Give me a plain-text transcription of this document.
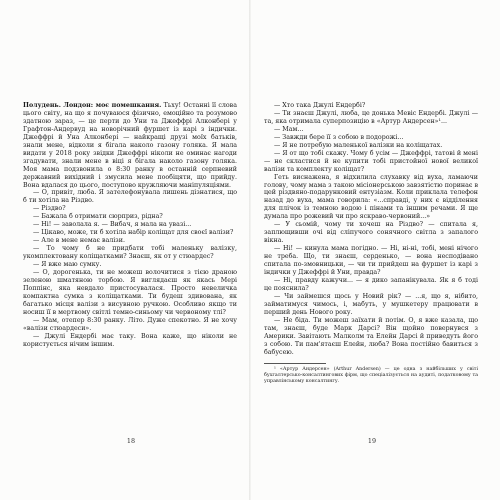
Полудень. Лондон: моє помешкання. Тьху! Останні її слова цього світу, на що я почуваюся фізично, емоційно та розумово здатною зараз, — це перти до Уни та Джеффрі Алконбері у Графтон-Андервуд на новорічний фуршет із карі з індички. Джеффрі й Уна Алконбері — найкращі друзі моїх батьків, знали мене, відколи я бігала наколо газону голяка. Я мала видати у 2018 року звідки Джеффрі ніколи не оминає нагоди згадувати, знали мене в віці я бігала наколо газону голяка. Моя мама подзвонила о 8:30 ранку в останній серпневий державний вихідний і змусила мене пообіцяти, що прийду. Вона вдалася до цього, поступово кружляючи маніпуляціями.

— О, привіт, люба. Я зателефонувала лишень дізнатися, що б ти хотіла на Різдво.

— Різдво?

— Бажала б отримати сюрприз, рідна?

— Ні! — заволала я. — Вибач, я мала на увазі...

— Цікаво, може, ти б хотіла набір коліщат для своєї валізи?

— Але в мене немає валізи.

— То чому б не придбати тобі маленьку валізку, укомплектовану коліщатками? Знаєш, як от у стюардес?

— Я вже маю сумку.

— О, дорогенька, ти не можеш волочитися з тією драною зеленою шматяною торбою. Я виглядаєш як якась Мері Поппінс, яка невдало пристосувалася. Просто невеличка компактна сумка з коліщатками. Ти будеш здивована, як багатько місця валізи з висувною ручкою. Особливо якщо ти носиш її в мертвому світлі темно-синьому чи червоному тлі?

— Мам, отепер 8:30 ранку. Літо. Дуже спекотно. Я не хочу «валізи стюардеси».

— Джулі Ендербі має таку. Вона каже, що ніколи не користується нічим іншим.

— Хто така Джулі Ендербі?

— Ти знаєш Джулі, люба, це донька Мевіс Ендербі. Джулі — та, яка отримала суперпозицію в «Артур Андерсен»¹...

— Мам...

— Завжди бере її з собою в подорожі...

— Я не потребую маленької валізки на коліщатах.

— Я от що тобі скажу. Чому б усім — Джеффрі, татові й мені — не скластися й не купити тобі пристойної нової великої валізи та комплекту коліщат?

Геть виснажена, я відхилила слухавку від вуха, ламаючи голову, чому мама з такою місіонерською завзятістю поринає в цей різдвяно-подарунковий ентузіазм. Коли приклала телефон назад до вуха, мама говорила: «...справді, у них є відділення для плічок із темною водою і пінами та іншим речами. Я ще думала про рожевий чи про яскраво-червоний...»

— У сьомій, чому ти хочеш на Різдво? — спитала я, заплющивши очі від сліпучого сонячного світла з запалого вікна.

— Ні! — кинула мама погідно. — Ні, ні-ні, тобі, мені нічого не треба. Що, ти знаєш, серденько, — вона несподівано спитала по-змовницьки, — чи ти прийдеш на фуршет із карі з індички у Джеффрі й Уни, правда?

— Ні, правду кажучи... — я дико запанікувала. Як я б тоді це пояснила?

— Чи займешся щось у Новий рік? — ...я, що я, нібито, займатимуся чимось, і, мабуть, у мушкетеру працювати в перший день Нового року.

— Не біда. Ти можеш заїхати й потім. О, я вже казала, що там, знаєш, буде Марк Дарсі? Він щойно повернувся з Америки. Завітають Малколм та Елейн Дарсі й приведуть його з собою. Ти пам'ятаєш Елейн, люба? Вона постійно бавиться з бабусею.

¹ «Артур Андерсен» (Arthur Andersen) — це одна з найбільших у світі бухгалтерсько-консалтингових фірм, що спеціалізується на аудиті, податковому та управлінському консалтингу.

18	19
